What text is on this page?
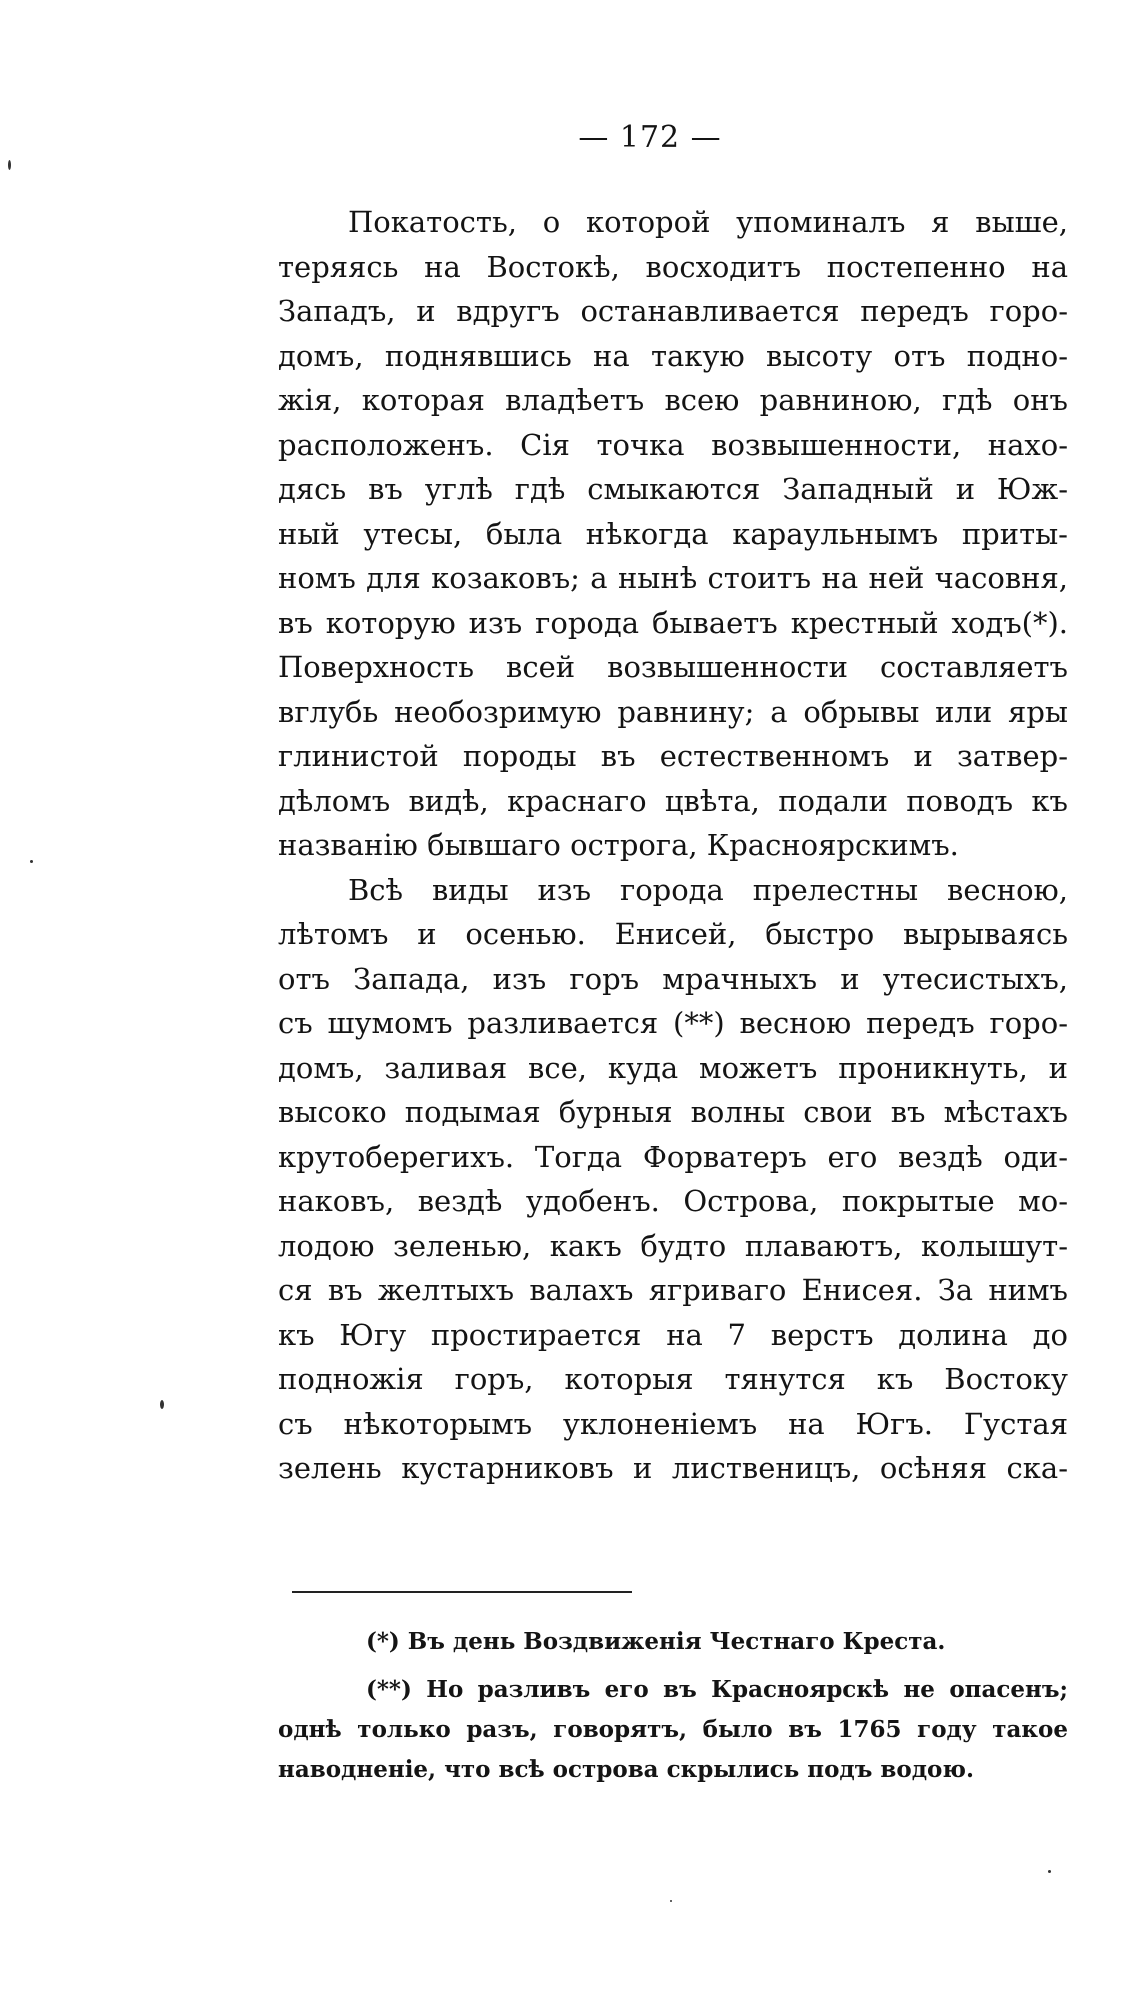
— 172 —
Покатость, о которой упоминалъ я выше,
теряясь на Востокѣ, восходитъ постепенно на
Западъ, и вдругъ останавливается передъ горо-
домъ, поднявшись на такую высоту отъ подно-
жія, которая владѣетъ всею равниною, гдѣ онъ
расположенъ. Сія точка возвышенности, нахо-
дясь въ углѣ гдѣ смыкаются Западный и Юж-
ный утесы, была нѣкогда караульнымъ приты-
номъ для козаковъ; а нынѣ стоитъ на ней часовня,
въ которую изъ города бываетъ крестный ходъ(*).
Поверхность всей возвышенности составляетъ
вглубь необозримую равнину; а обрывы или яры
глинистой породы въ естественномъ и затвер-
дѣломъ видѣ, краснаго цвѣта, подали поводъ къ
названію бывшаго острога, Красноярскимъ.
Всѣ виды изъ города прелестны весною,
лѣтомъ и осенью. Енисей, быстро вырываясь
отъ Запада, изъ горъ мрачныхъ и утесистыхъ,
съ шумомъ разливается (**) весною передъ горо-
домъ, заливая все, куда можетъ проникнуть, и
высоко подымая бурныя волны свои въ мѣстахъ
крутоберегихъ. Тогда Форватеръ его вездѣ оди-
наковъ, вездѣ удобенъ. Острова, покрытые мо-
лодою зеленью, какъ будто плаваютъ, колышут-
ся въ желтыхъ валахъ ягриваго Енисея. За нимъ
къ Югу простирается на 7 верстъ долина до
подножія горъ, которыя тянутся къ Востоку
съ нѣкоторымъ уклоненіемъ на Югъ. Густая
зелень кустарниковъ и лиственицъ, осѣняя ска-
(*) Въ день Воздвиженія Честнаго Креста.
(**) Но разливъ его въ Красноярскѣ не опасенъ;
однѣ только разъ, говорятъ, было въ 1765 году такое
наводненіе, что всѣ острова скрылись подъ водою.
